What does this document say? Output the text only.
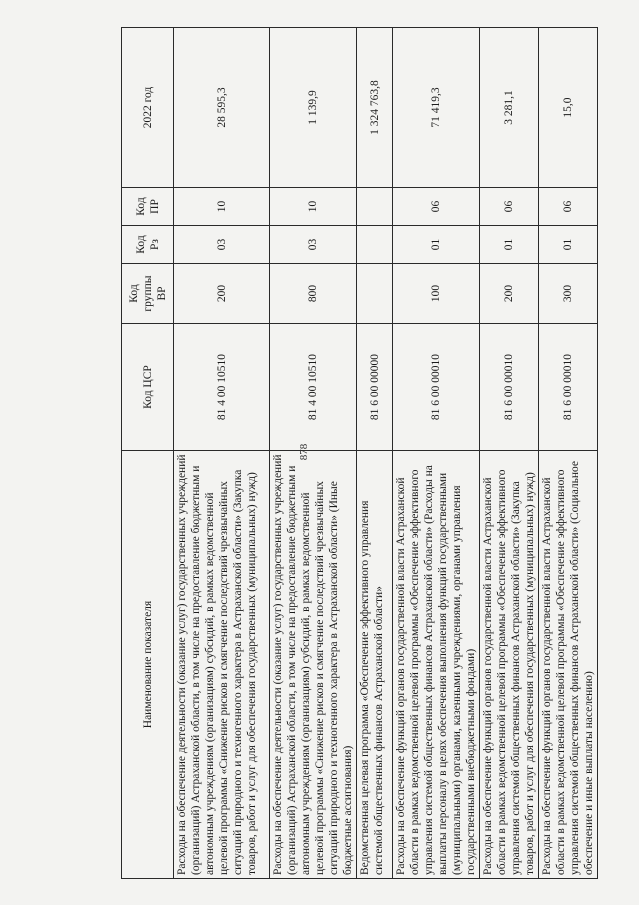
878
Наименование показателя	Код ЦСР	Код группы ВР	Код Рз	Код ПР	2022 год
Расходы на обеспечение деятельности (оказание услуг) государственных учреждений (организаций) Астраханской области, в том числе на предоставление бюджетным и автономным учреждениям (организациям) субсидий, в рамках ведомственной целевой программы «Снижение рисков и смягчение последствий чрезвычайных ситуаций природного и техногенного характера в Астраханской области» (Закупка товаров, работ и услуг для обеспечения государственных (муниципальных) нужд)	81 4 00 10510	200	03	10	28 595,3
Расходы на обеспечение деятельности (оказание услуг) государственных учреждений (организаций) Астраханской области, в том числе на предоставление бюджетным и автономным учреждениям (организациям) субсидий, в рамках ведомственной целевой программы «Снижение рисков и смягчение последствий чрезвычайных ситуаций природного и техногенного характера в Астраханской области» (Иные бюджетные ассигнования)	81 4 00 10510	800	03	10	1 139,9
Ведомственная целевая программа «Обеспечение эффективного управления системой общественных финансов Астраханской области»	81 6 00 00000				1 324 763,8
Расходы на обеспечение функций органов государственной власти Астраханской области в рамках ведомственной целевой программы «Обеспечение эффективного управления системой общественных финансов Астраханской области» (Расходы на выплаты персоналу в целях обеспечения выполнения функций государственными (муниципальными) органами, казенными учреждениями, органами управления государственными внебюджетными фондами)	81 6 00 00010	100	01	06	71 419,3
Расходы на обеспечение функций органов государственной власти Астраханской области в рамках ведомственной целевой программы «Обеспечение эффективного управления системой общественных финансов Астраханской области» (Закупка товаров, работ и услуг для обеспечения государственных (муниципальных) нужд)	81 6 00 00010	200	01	06	3 281,1
Расходы на обеспечение функций органов государственной власти Астраханской области в рамках ведомственной целевой программы «Обеспечение эффективного управления системой общественных финансов Астраханской области» (Социальное обеспечение и иные выплаты населению)	81 6 00 00010	300	01	06	15,0
